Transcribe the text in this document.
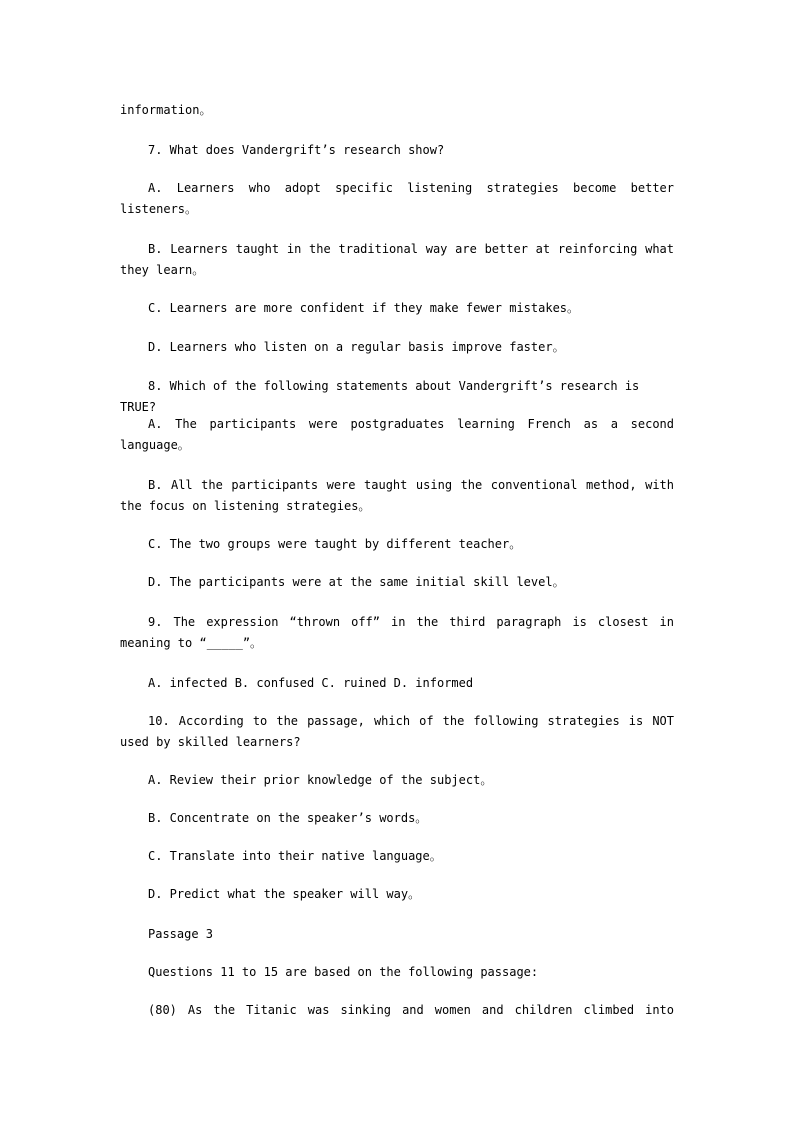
information。

7. What does Vandergrift’s research show?

A. Learners who adopt specific listening strategies become better listeners。

B. Learners taught in the traditional way are better at reinforcing what they learn。

C. Learners are more confident if they make fewer mistakes。

D. Learners who listen on a regular basis improve faster。

8. Which of the following statements about Vandergrift’s research is TRUE?

A. The participants were postgraduates learning French as a second language。

B. All the participants were taught using the conventional method, with the focus on listening strategies。

C. The two groups were taught by different teacher。

D. The participants were at the same initial skill level。

9. The expression “thrown off” in the third paragraph is closest in meaning to “_____”。

A. infected B. confused C. ruined D. informed

10. According to the passage, which of the following strategies is NOT used by skilled learners?

A. Review their prior knowledge of the subject。

B. Concentrate on the speaker’s words。

C. Translate into their native language。

D. Predict what the speaker will way。

Passage 3

Questions 11 to 15 are based on the following passage:

(80) As the Titanic was sinking and women and children climbed into
